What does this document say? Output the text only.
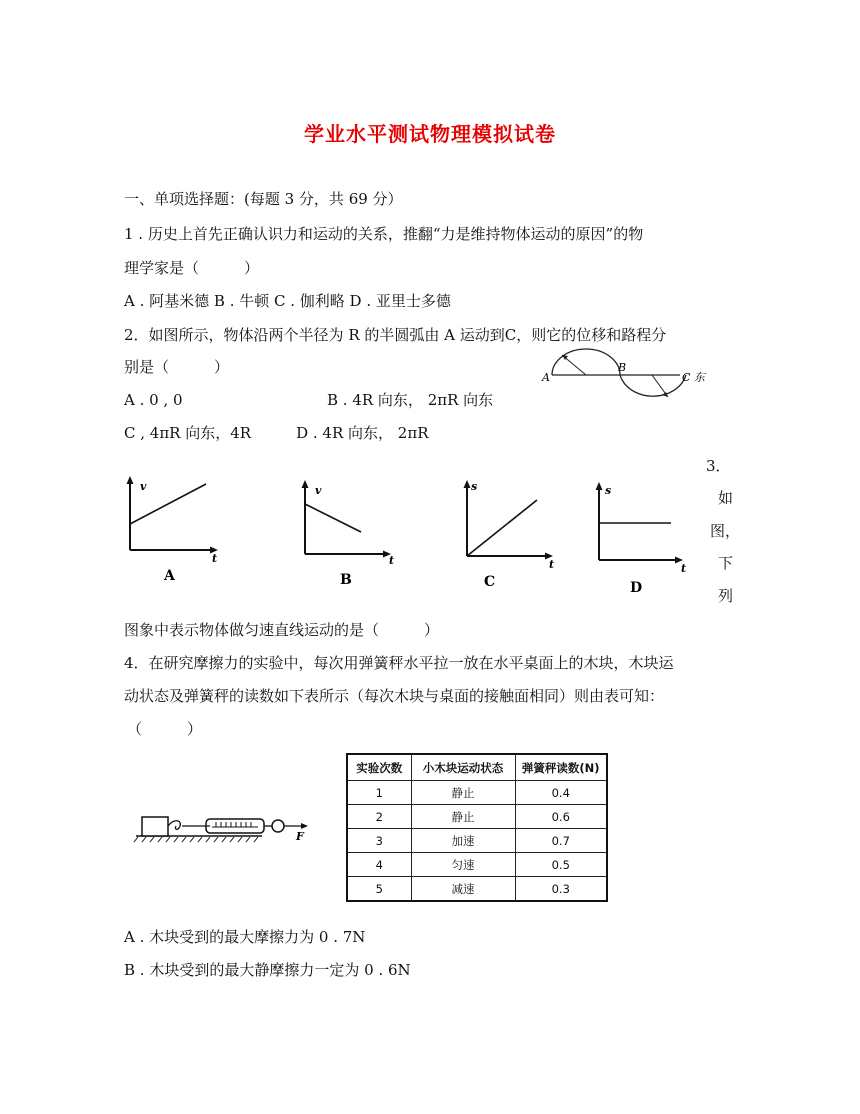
学业水平测试物理模拟试卷
一、单项选择题：(每题 3 分，共 69 分）
1 . 历史上首先正确认识力和运动的关系，推翻“力是维持物体运动的原因”的物
理学家是（　　　）
A . 阿基米德 B . 牛顿 C . 伽利略 D . 亚里士多德
2．如图所示，物体沿两个半径为 R 的半圆弧由 A 运动到C，则它的位移和路程分
别是（　　　）
A . 0 , 0	B . 4R 向东， 2πR 向东
C , 4πR 向东，4R　　　D . 4R 向东， 2πR
A
B
C 东
3．
如
图，
下
列
v
t
A
v
t
B
s
t
C
s
t
D
图象中表示物体做匀速直线运动的是（　　　）
4．在研究摩擦力的实验中，每次用弹簧秤水平拉一放在水平桌面上的木块，木块运
动状态及弹簧秤的读数如下表所示（每次木块与桌面的接触面相同）则由表可知：
（　　　）
F
实验次数	小木块运动状态	弹簧秤读数(N)
1	静止	0.4
2	静止	0.6
3	加速	0.7
4	匀速	0.5
5	减速	0.3
A . 木块受到的最大摩擦力为 0 . 7N
B . 木块受到的最大静摩擦力一定为 0 . 6N
